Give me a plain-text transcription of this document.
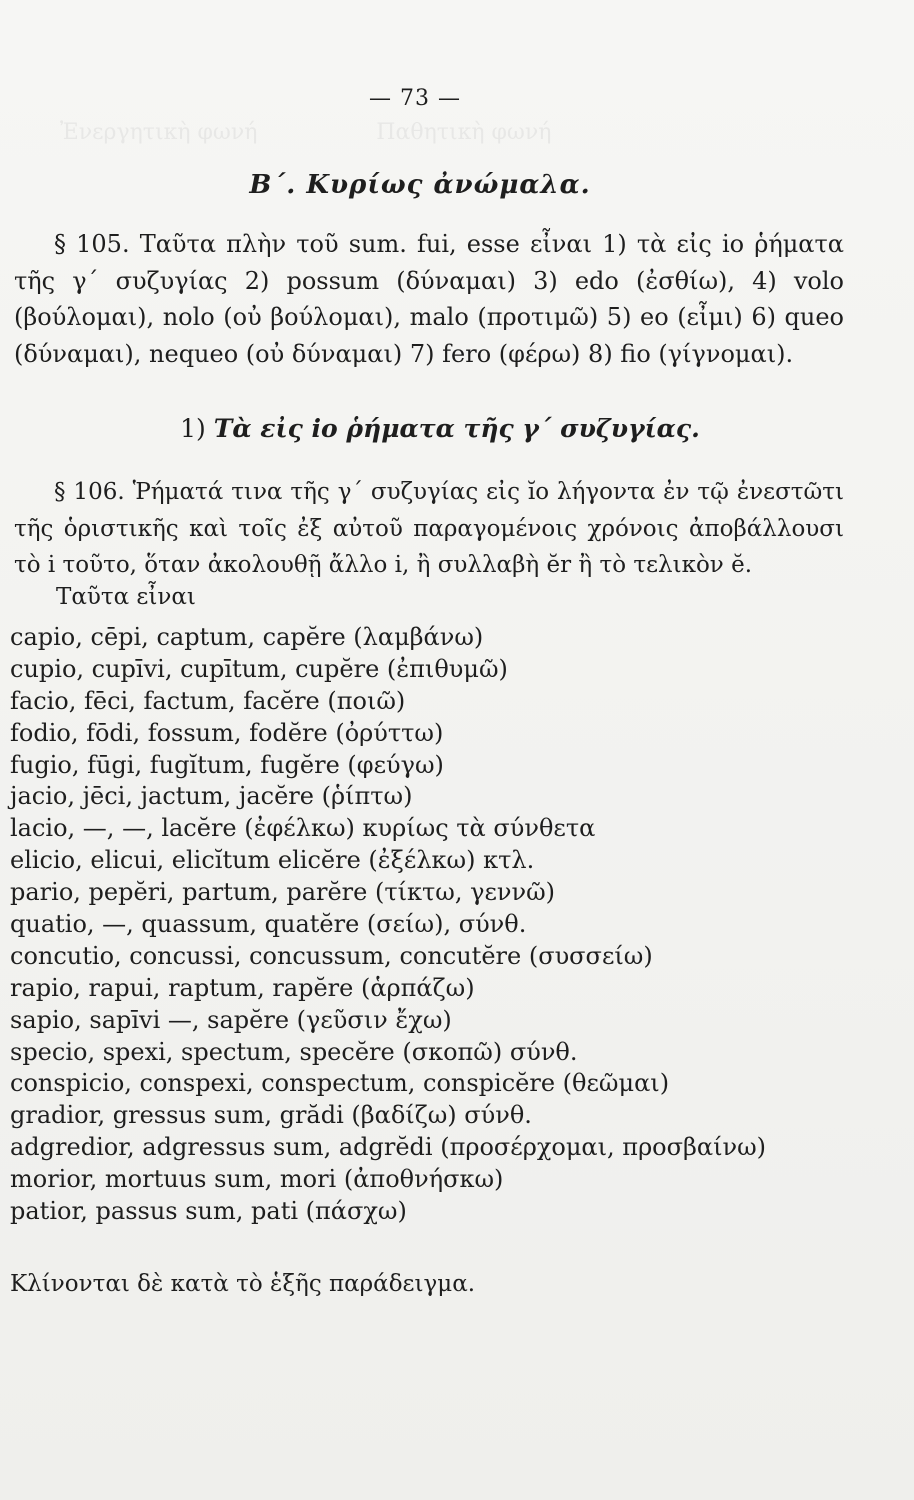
Ἐνεργητικὴ φωνή                 Παθητικὴ φωνή
— 73 —
Β΄. Κυρίως ἀνώμαλα.
§ 105. Ταῦτα πλὴν τοῦ sum. fui, esse εἶναι 1) τὰ εἰς io ῥήματα τῆς γ΄ συζυγίας 2) possum (δύναμαι) 3) edo (ἐσθίω), 4) volo (βούλομαι), nolo (οὐ βούλομαι), malo (προτιμῶ) 5) eo (εἶμι) 6) queo (δύναμαι), nequeo (οὐ δύναμαι) 7) fero (φέρω) 8) fio (γίγνομαι).
1) Τὰ εἰς io ῥήματα τῆς γ΄ συζυγίας.
§ 106. Ῥήματά τινα τῆς γ΄ συζυγίας εἰς ĭo λήγοντα ἐν τῷ ἐνεστῶτι τῆς ὁριστικῆς καὶ τοῖς ἐξ αὐτοῦ παραγομένοις χρόνοις ἀποβάλλουσι τὸ i τοῦτο, ὅταν ἀκολουθῇ ἄλλο i, ἢ συλλαβὴ ĕr ἢ τὸ τελικὸν ĕ.
Ταῦτα εἶναι
capio, cēpi, captum, capĕre (λαμβάνω)
cupio, cupīvi, cupītum, cupĕre (ἐπιθυμῶ)
facio, fēci, factum, facĕre (ποιῶ)
fodio, fōdi, fossum, fodĕre (ὀρύττω)
fugio, fūgi, fugĭtum, fugĕre (φεύγω)
jacio, jēci, jactum, jacĕre (ῥίπτω)
lacio, —, —, lacĕre (ἐφέλκω) κυρίως τὰ σύνθετα
elicio, elicui, elicĭtum elicĕre (ἐξέλκω) κτλ.
pario, pepĕri, partum, parĕre (τίκτω, γεννῶ)
quatio, —, quassum, quatĕre (σείω), σύνθ.
concutio, concussi, concussum, concutĕre (συσσείω)
rapio, rapui, raptum, rapĕre (ἁρπάζω)
sapio, sapīvi —, sapĕre (γεῦσιν ἔχω)
specio, spexi, spectum, specĕre (σκοπῶ) σύνθ.
conspicio, conspexi, conspectum, conspicĕre (θεῶμαι)
gradior, gressus sum, grădi (βαδίζω) σύνθ.
adgredior, adgressus sum, adgrĕdi (προσέρχομαι, προσβαίνω)
morior, mortuus sum, mori (ἀποθνήσκω)
patior, passus sum, pati (πάσχω)
Κλίνονται δὲ κατὰ τὸ ἑξῆς παράδειγμα.
